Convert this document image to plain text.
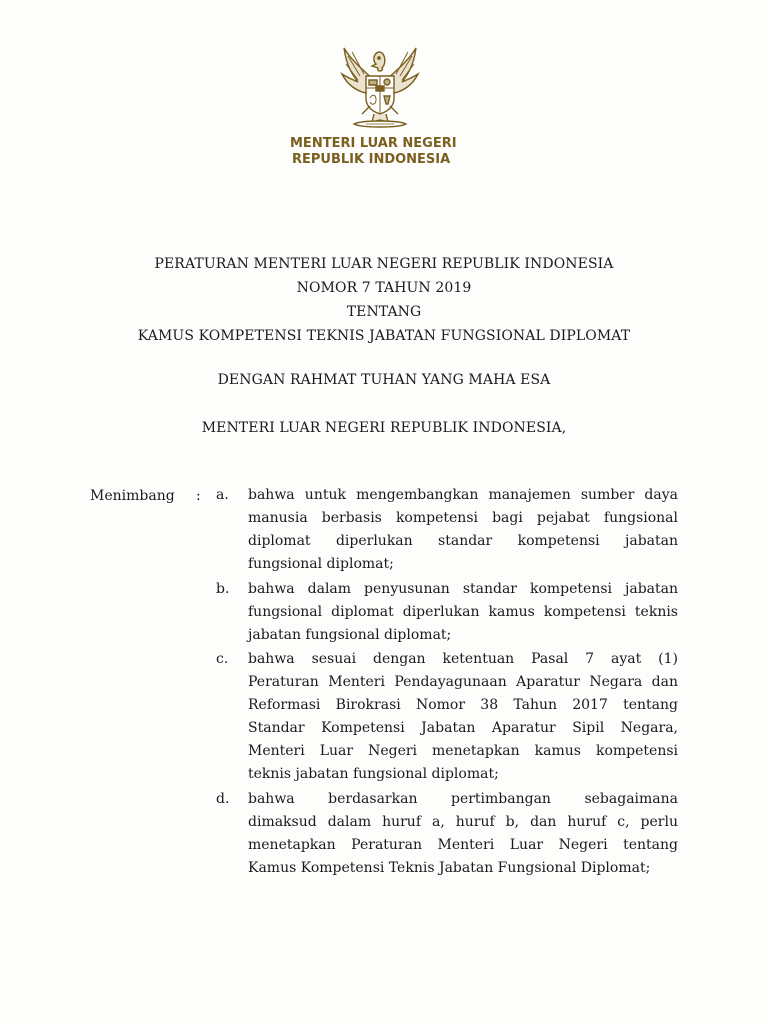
MENTERI LUAR NEGERI
REPUBLIK INDONESIA
PERATURAN MENTERI LUAR NEGERI REPUBLIK INDONESIA
NOMOR 7 TAHUN 2019
TENTANG
KAMUS KOMPETENSI TEKNIS JABATAN FUNGSIONAL DIPLOMAT
DENGAN RAHMAT TUHAN YANG MAHA ESA
MENTERI LUAR NEGERI REPUBLIK INDONESIA,
Menimbang : a. bahwa untuk mengembangkan manajemen sumber daya
manusia berbasis kompetensi bagi pejabat fungsional
diplomat diperlukan standar kompetensi jabatan
fungsional diplomat;
b. bahwa dalam penyusunan standar kompetensi jabatan
fungsional diplomat diperlukan kamus kompetensi teknis
jabatan fungsional diplomat;
c. bahwa sesuai dengan ketentuan Pasal 7 ayat (1)
Peraturan Menteri Pendayagunaan Aparatur Negara dan
Reformasi Birokrasi Nomor 38 Tahun 2017 tentang
Standar Kompetensi Jabatan Aparatur Sipil Negara,
Menteri Luar Negeri menetapkan kamus kompetensi
teknis jabatan fungsional diplomat;
d. bahwa berdasarkan pertimbangan sebagaimana
dimaksud dalam huruf a, huruf b, dan huruf c, perlu
menetapkan Peraturan Menteri Luar Negeri tentang
Kamus Kompetensi Teknis Jabatan Fungsional Diplomat;
